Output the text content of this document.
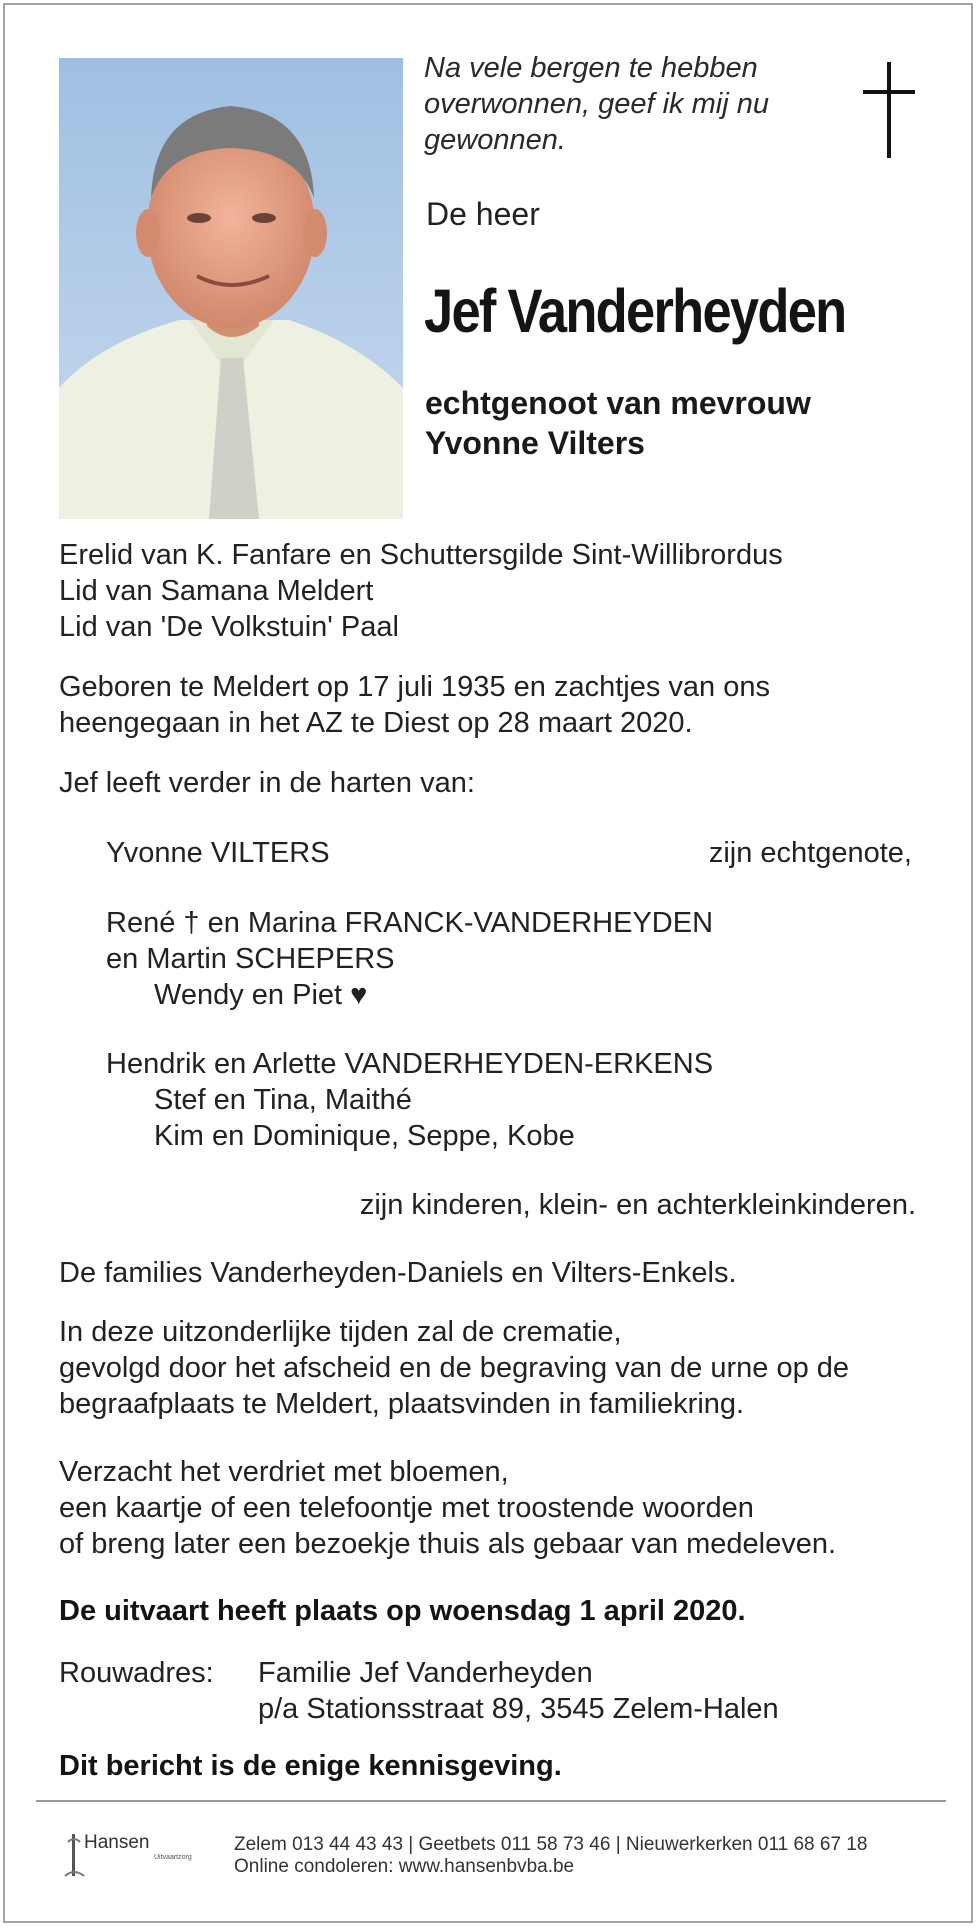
Na vele bergen te hebben
overwonnen, geef ik mij nu
gewonnen.
De heer
Jef Vanderheyden
echtgenoot van mevrouw
Yvonne Vilters
Erelid van K. Fanfare en Schuttersgilde Sint-Willibrordus
Lid van Samana Meldert
Lid van 'De Volkstuin' Paal
Geboren te Meldert op 17 juli 1935 en zachtjes van ons
heengegaan in het AZ te Diest op 28 maart 2020.
Jef leeft verder in de harten van:
Yvonne VILTERS	zijn echtgenote,
René † en Marina FRANCK-VANDERHEYDEN
en Martin SCHEPERS
Wendy en Piet ♥
Hendrik en Arlette VANDERHEYDEN-ERKENS
Stef en Tina, Maithé
Kim en Dominique, Seppe, Kobe
zijn kinderen, klein- en achterkleinkinderen.
De families Vanderheyden-Daniels en Vilters-Enkels.
In deze uitzonderlijke tijden zal de crematie,
gevolgd door het afscheid en de begraving van de urne op de
begraafplaats te Meldert, plaatsvinden in familiekring.
Verzacht het verdriet met bloemen,
een kaartje of een telefoontje met troostende woorden
of breng later een bezoekje thuis als gebaar van medeleven.
De uitvaart heeft plaats op woensdag 1 april 2020.
Rouwadres: Familie Jef Vanderheyden
p/a Stationsstraat 89, 3545 Zelem-Halen
Dit bericht is de enige kennisgeving.
Hansen
Uitvaartzorg
Zelem 013 44 43 43 | Geetbets 011 58 73 46 | Nieuwerkerken 011 68 67 18
Online condoleren: www.hansenbvba.be
